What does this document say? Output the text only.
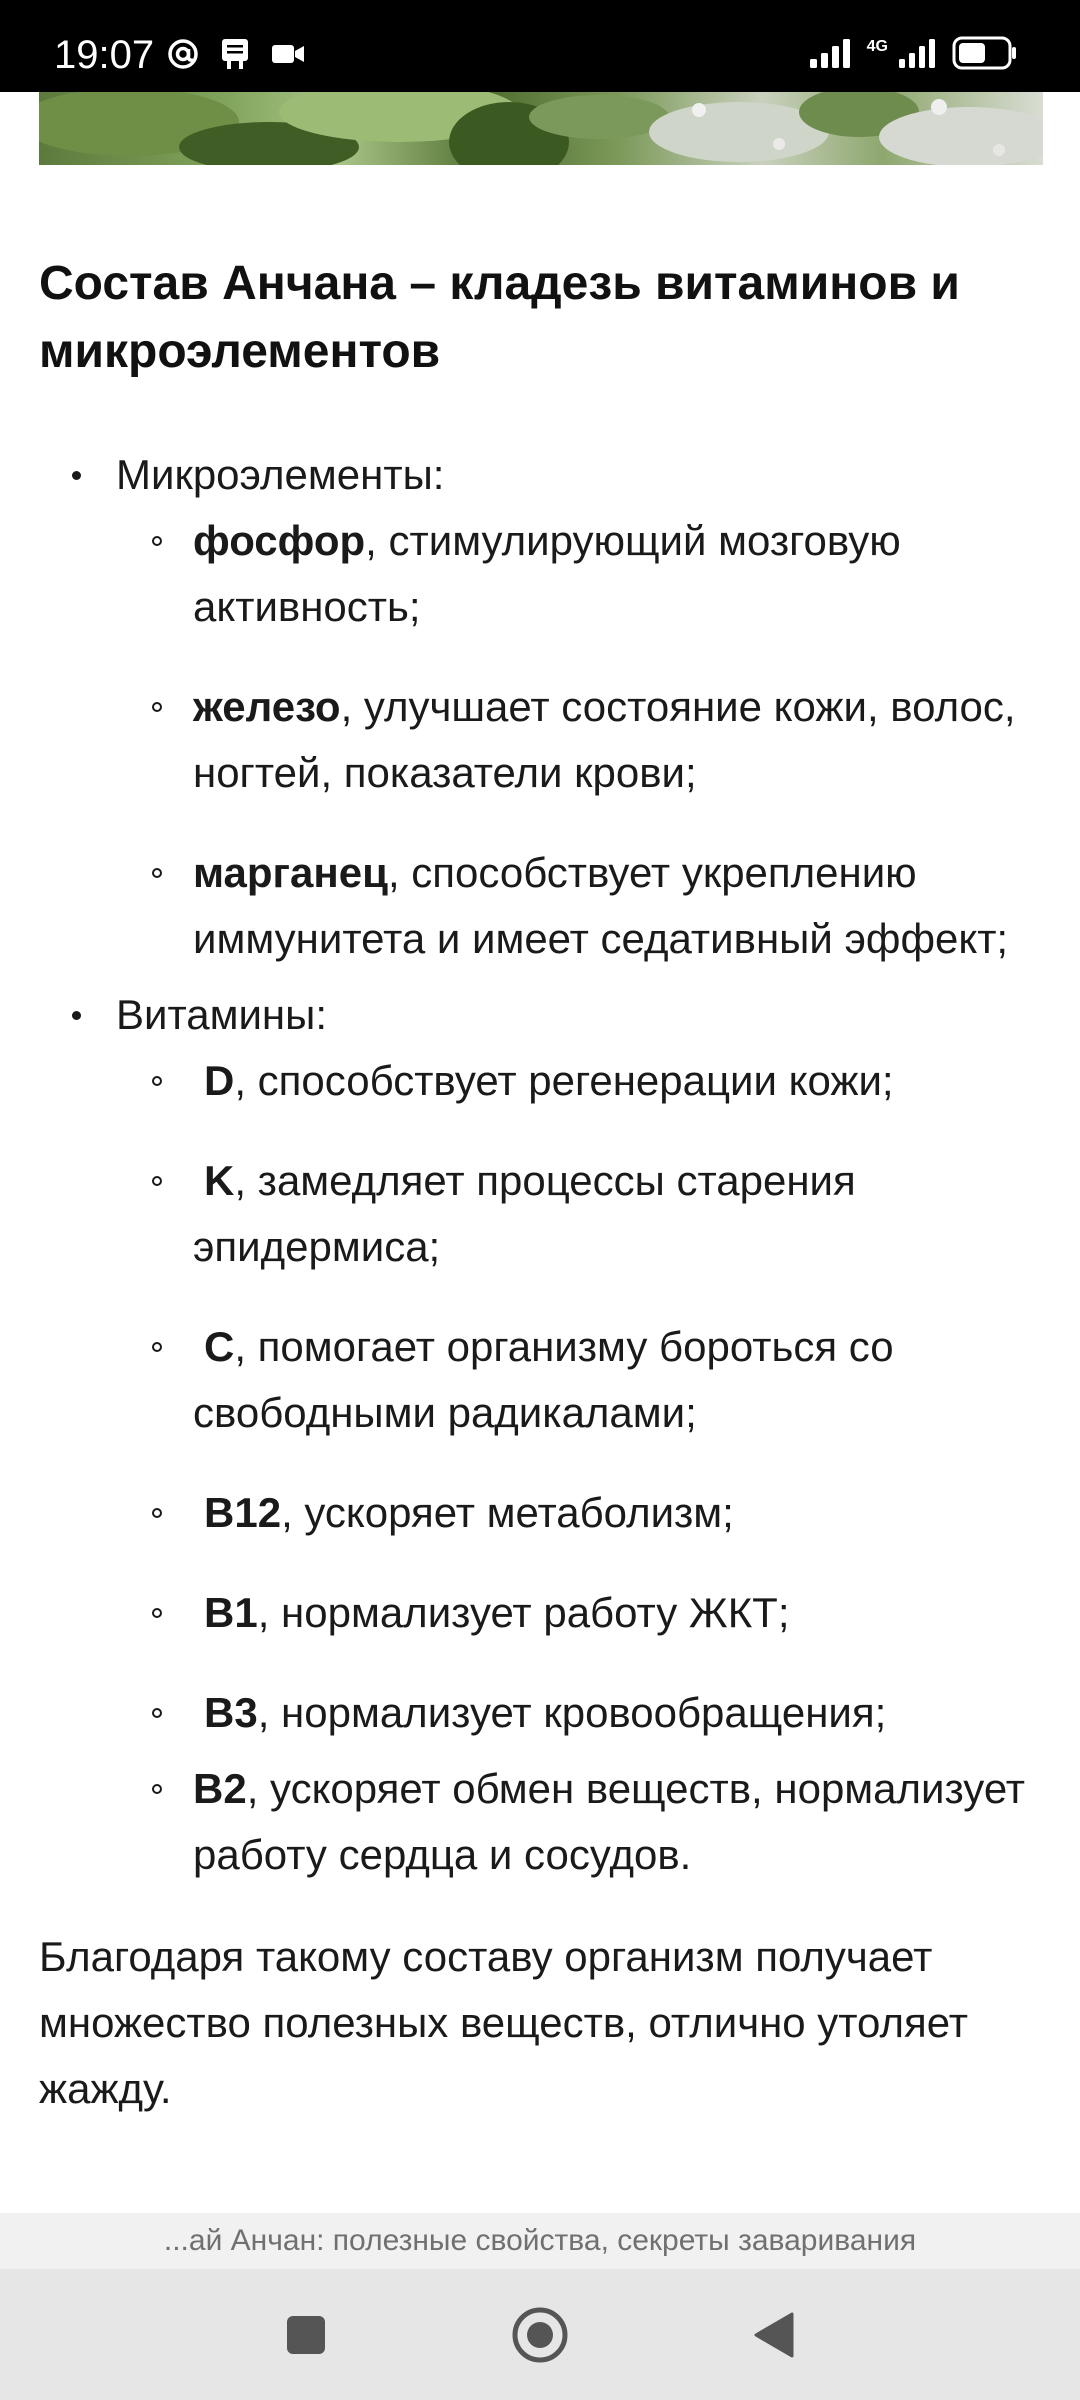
19:07	4G
Состав Анчана – кладезь витаминов и микроэлементов
Микроэлементы:
фосфор, стимулирующий мозговую активность;
железо, улучшает состояние кожи, волос, ногтей, показатели крови;
марганец, способствует укреплению иммунитета и имеет седативный эффект;
Витамины:
D, способствует регенерации кожи;
K, замедляет процессы старения эпидермиса;
C, помогает организму бороться со свободными радикалами;
B12, ускоряет метаболизм;
B1, нормализует работу ЖКТ;
B3, нормализует кровообращения;
B2, ускоряет обмен веществ, нормализует работу сердца и сосудов.

Благодаря такому составу организм получает множество полезных веществ, отлично утоляет жажду.

...ай Анчан: полезные свойства, секреты заваривания
